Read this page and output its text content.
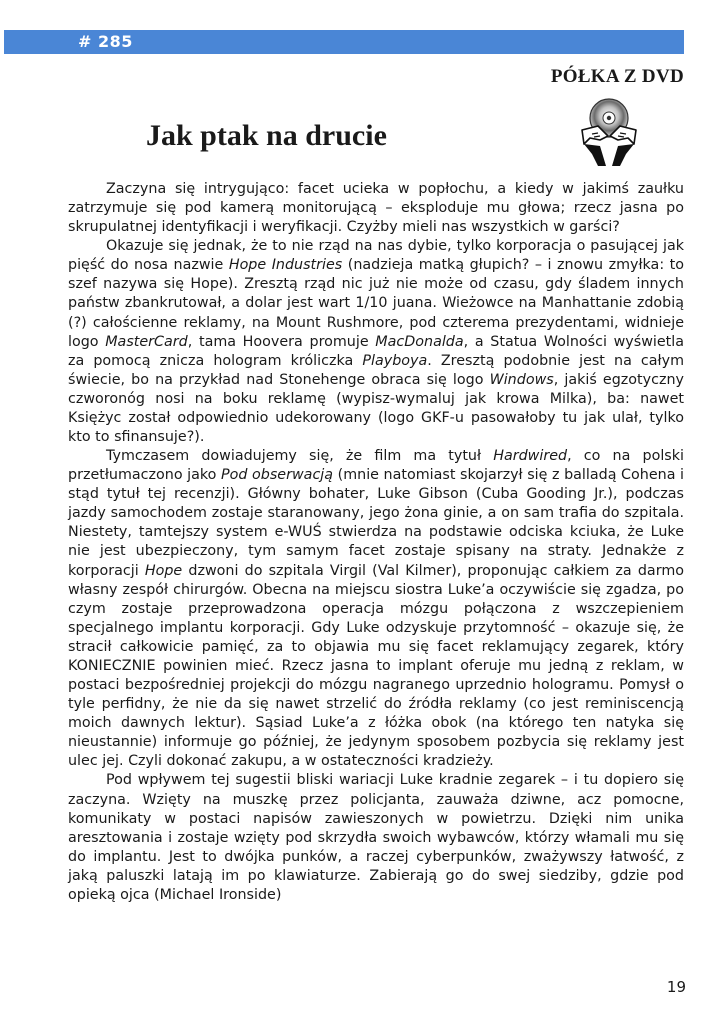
# 285
PÓŁKA Z DVD
Jak ptak na drucie

Zaczyna się intrygująco: facet ucieka w popłochu, a kiedy w jakimś zaułku zatrzymuje się pod kamerą monitorującą – eksploduje mu głowa; rzecz jasna po skrupulatnej identyfikacji i weryfikacji. Czyżby mieli nas wszystkich w garści?

Okazuje się jednak, że to nie rząd na nas dybie, tylko korporacja o pasującej jak pięść do nosa nazwie Hope Industries (nadzieja matką głupich? – i znowu zmyłka: to szef nazywa się Hope). Zresztą rząd nic już nie może od czasu, gdy śladem innych państw zbankrutował, a dolar jest wart 1/10 juana. Wieżowce na Manhattanie zdobią (?) całościenne reklamy, na Mount Rushmore, pod czterema prezydentami, widnieje logo MasterCard, tama Hoovera promuje MacDonalda, a Statua Wolności wyświetla za pomocą znicza hologram króliczka Playboya. Zresztą podobnie jest na całym świecie, bo na przykład nad Stonehenge obraca się logo Windows, jakiś egzotyczny czworonóg nosi na boku reklamę (wypisz-wymaluj jak krowa Milka), ba: nawet Księżyc został odpowiednio udekorowany (logo GKF-u pasowałoby tu jak ulał, tylko kto to sfinansuje?).

Tymczasem dowiadujemy się, że film ma tytuł Hardwired, co na polski przetłumaczono jako Pod obserwacją (mnie natomiast skojarzył się z balladą Cohena i stąd tytuł tej recenzji). Główny bohater, Luke Gibson (Cuba Gooding Jr.), podczas jazdy samochodem zostaje staranowany, jego żona ginie, a on sam trafia do szpitala. Niestety, tamtejszy system e-WUŚ stwierdza na podstawie odciska kciuka, że Luke nie jest ubezpieczony, tym samym facet zostaje spisany na straty. Jednakże z korporacji Hope dzwoni do szpitala Virgil (Val Kilmer), proponując całkiem za darmo własny zespół chirurgów. Obecna na miejscu siostra Luke’a oczywiście się zgadza, po czym zostaje przeprowadzona operacja mózgu połączona z wszczepieniem specjalnego implantu korporacji. Gdy Luke odzyskuje przytomność – okazuje się, że stracił całkowicie pamięć, za to objawia mu się facet reklamujący zegarek, który KONIECZNIE powinien mieć. Rzecz jasna to implant oferuje mu jedną z reklam, w postaci bezpośredniej projekcji do mózgu nagranego uprzednio hologramu. Pomysł o tyle perfidny, że nie da się nawet strzelić do źródła reklamy (co jest reminiscencją moich dawnych lektur). Sąsiad Luke’a z łóżka obok (na którego ten natyka się nieustannie) informuje go później, że jedynym sposobem pozbycia się reklamy jest ulec jej. Czyli dokonać zakupu, a w ostateczności kradzieży.

Pod wpływem tej sugestii bliski wariacji Luke kradnie zegarek – i tu dopiero się zaczyna. Wzięty na muszkę przez policjanta, zauważa dziwne, acz pomocne, komunikaty w postaci napisów zawieszonych w powietrzu. Dzięki nim unika aresztowania i zostaje wzięty pod skrzydła swoich wybawców, którzy włamali mu się do implantu. Jest to dwójka punków, a raczej cyberpunków, zważywszy łatwość, z jaką paluszki latają im po klawiaturze. Zabierają go do swej siedziby, gdzie pod opieką ojca (Michael Ironside)

19
